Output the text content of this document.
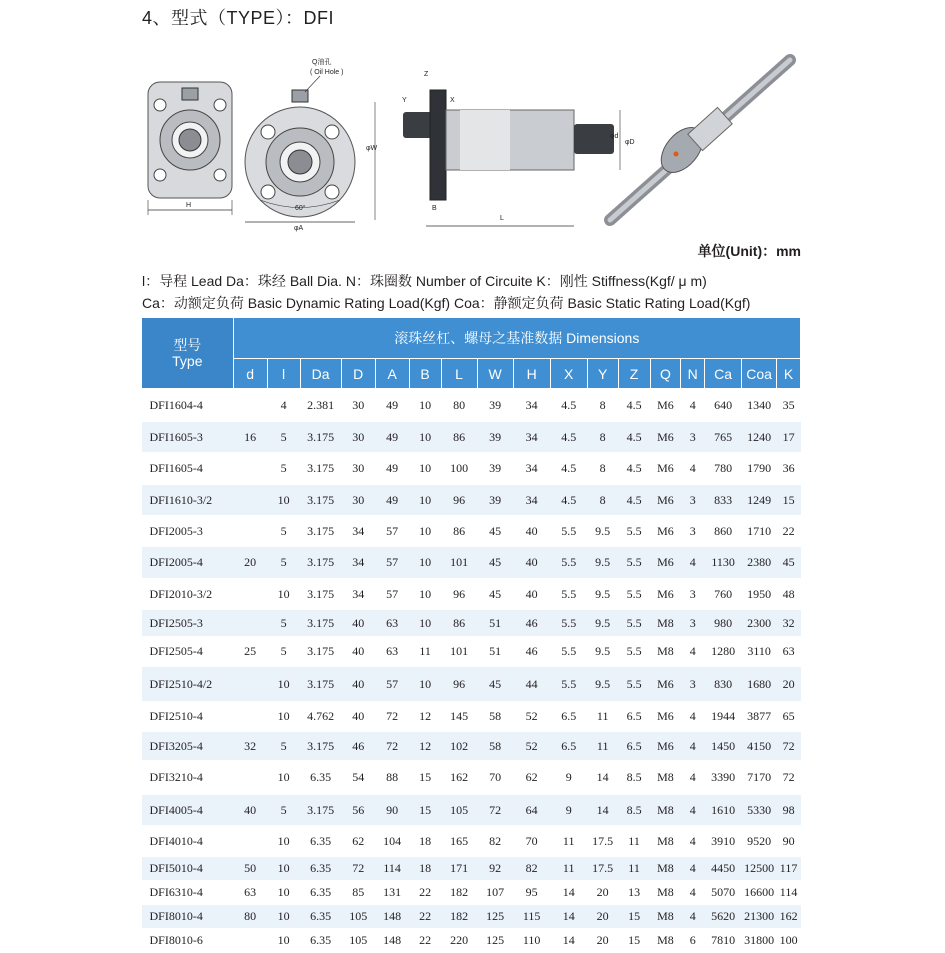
4、型式（TYPE）：DFI
H
Q油孔
( Oil Hole )
60°
φA
φW
L
B
Z
Y	X
φd
φD
单位(Unit)：mm
l：导程 Lead Da：珠经 Ball Dia. N：珠圈数 Number of Circuite K：刚性 Stiffness(Kgf/ μ m)
Ca：动额定负荷 Basic Dynamic Rating Load(Kgf) Coa：静额定负荷 Basic Static Rating Load(Kgf)
型号
Type	滚珠丝杠、螺母之基准数据 Dimensions																
	d	l	Da	D	A	B	L	W	H	X	Y	Z	Q	N	Ca	Coa	K
DFI1604-4		4	2.381	30	49	10	80	39	34	4.5	8	4.5	M6	4	640	1340	35
DFI1605-3	16	5	3.175	30	49	10	86	39	34	4.5	8	4.5	M6	3	765	1240	17
DFI1605-4		5	3.175	30	49	10	100	39	34	4.5	8	4.5	M6	4	780	1790	36
DFI1610-3/2		10	3.175	30	49	10	96	39	34	4.5	8	4.5	M6	3	833	1249	15
DFI2005-3		5	3.175	34	57	10	86	45	40	5.5	9.5	5.5	M6	3	860	1710	22
DFI2005-4	20	5	3.175	34	57	10	101	45	40	5.5	9.5	5.5	M6	4	1130	2380	45
DFI2010-3/2		10	3.175	34	57	10	96	45	40	5.5	9.5	5.5	M6	3	760	1950	48
DFI2505-3		5	3.175	40	63	10	86	51	46	5.5	9.5	5.5	M8	3	980	2300	32
DFI2505-4	25	5	3.175	40	63	11	101	51	46	5.5	9.5	5.5	M8	4	1280	3110	63
DFI2510-4/2		10	3.175	40	57	10	96	45	44	5.5	9.5	5.5	M6	3	830	1680	20
DFI2510-4		10	4.762	40	72	12	145	58	52	6.5	11	6.5	M6	4	1944	3877	65
DFI3205-4	32	5	3.175	46	72	12	102	58	52	6.5	11	6.5	M6	4	1450	4150	72
DFI3210-4		10	6.35	54	88	15	162	70	62	9	14	8.5	M8	4	3390	7170	72
DFI4005-4	40	5	3.175	56	90	15	105	72	64	9	14	8.5	M8	4	1610	5330	98
DFI4010-4		10	6.35	62	104	18	165	82	70	11	17.5	11	M8	4	3910	9520	90
DFI5010-4	50	10	6.35	72	114	18	171	92	82	11	17.5	11	M8	4	4450	12500	117
DFI6310-4	63	10	6.35	85	131	22	182	107	95	14	20	13	M8	4	5070	16600	114
DFI8010-4	80	10	6.35	105	148	22	182	125	115	14	20	15	M8	4	5620	21300	162
DFI8010-6		10	6.35	105	148	22	220	125	110	14	20	15	M8	6	7810	31800	100
